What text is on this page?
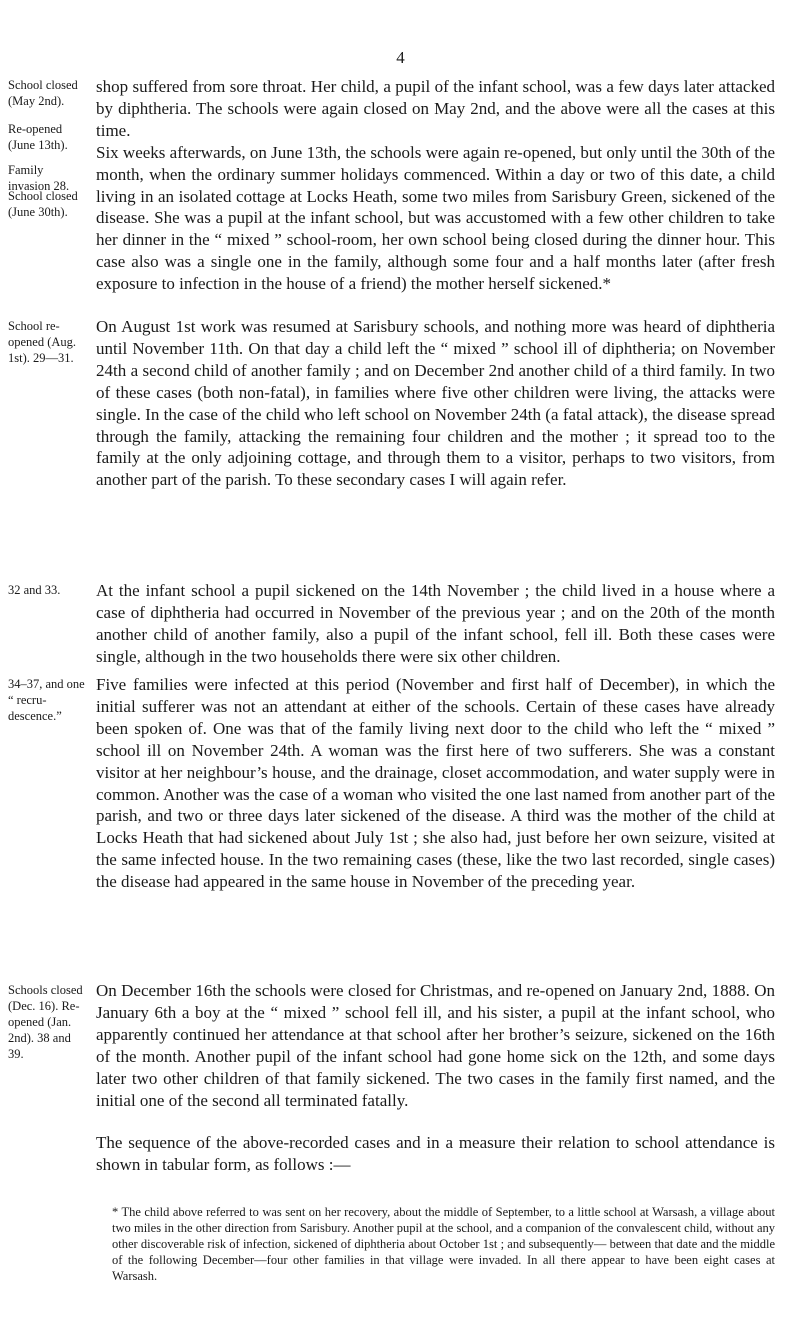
4
School closed (May 2nd).
Re-opened (June 13th).
Family invasion 28.
School closed (June 30th).
School re-opened (Aug. 1st). 29—31.
32 and 33.
34–37, and one “ recru-descence.”
Schools closed (Dec. 16). Re-opened (Jan. 2nd). 38 and 39.

shop suffered from sore throat. Her child, a pupil of the infant school, was a few days later attacked by diphtheria. The schools were again closed on May 2nd, and the above were all the cases at this time.

Six weeks afterwards, on June 13th, the schools were again re-opened, but only until the 30th of the month, when the ordinary summer holidays commenced. Within a day or two of this date, a child living in an isolated cottage at Locks Heath, some two miles from Sarisbury Green, sickened of the disease. She was a pupil at the infant school, but was accustomed with a few other children to take her dinner in the “ mixed ” school-room, her own school being closed during the dinner hour. This case also was a single one in the family, although some four and a half months later (after fresh exposure to infection in the house of a friend) the mother herself sickened.*

On August 1st work was resumed at Sarisbury schools, and nothing more was heard of diphtheria until November 11th. On that day a child left the “ mixed ” school ill of diphtheria; on November 24th a second child of another family ; and on December 2nd another child of a third family. In two of these cases (both non-fatal), in families where five other children were living, the attacks were single. In the case of the child who left school on November 24th (a fatal attack), the disease spread through the family, attacking the remaining four children and the mother ; it spread too to the family at the only adjoining cottage, and through them to a visitor, perhaps to two visitors, from another part of the parish. To these secondary cases I will again refer.

At the infant school a pupil sickened on the 14th November ; the child lived in a house where a case of diphtheria had occurred in November of the previous year ; and on the 20th of the month another child of another family, also a pupil of the infant school, fell ill. Both these cases were single, although in the two households there were six other children.

Five families were infected at this period (November and first half of December), in which the initial sufferer was not an attendant at either of the schools. Certain of these cases have already been spoken of. One was that of the family living next door to the child who left the “ mixed ” school ill on November 24th. A woman was the first here of two sufferers. She was a constant visitor at her neighbour’s house, and the drainage, closet accommodation, and water supply were in common. Another was the case of a woman who visited the one last named from another part of the parish, and two or three days later sickened of the disease. A third was the mother of the child at Locks Heath that had sickened about July 1st ; she also had, just before her own seizure, visited at the same infected house. In the two remaining cases (these, like the two last recorded, single cases) the disease had appeared in the same house in November of the preceding year.

On December 16th the schools were closed for Christmas, and re-opened on January 2nd, 1888. On January 6th a boy at the “ mixed ” school fell ill, and his sister, a pupil at the infant school, who apparently continued her attendance at that school after her brother’s seizure, sickened on the 16th of the month. Another pupil of the infant school had gone home sick on the 12th, and some days later two other children of that family sickened. The two cases in the family first named, and the initial one of the second all terminated fatally.

The sequence of the above-recorded cases and in a measure their relation to school attendance is shown in tabular form, as follows :—

* The child above referred to was sent on her recovery, about the middle of September, to a little school at Warsash, a village about two miles in the other direction from Sarisbury. Another pupil at the school, and a companion of the convalescent child, without any other discoverable risk of infection, sickened of diphtheria about October 1st ; and subsequently— between that date and the middle of the following December—four other families in that village were invaded. In all there appear to have been eight cases at Warsash.
